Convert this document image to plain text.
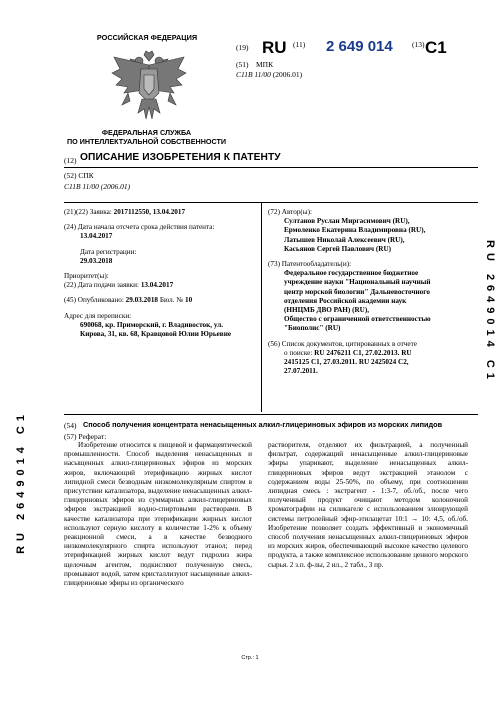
РОССИЙСКАЯ ФЕДЕРАЦИЯ
ФЕДЕРАЛЬНАЯ СЛУЖБА
ПО ИНТЕЛЛЕКТУАЛЬНОЙ СОБСТВЕННОСТИ
(19) RU (11) 2 649 014	(13) C1
(51) МПК
C11B 11/00 (2006.01)
(12) ОПИСАНИЕ ИЗОБРЕТЕНИЯ К ПАТЕНТУ
(52) СПК
C11B 11/00 (2006.01)

(21)(22) Заявка: 2017112550, 13.04.2017

(24) Дата начала отсчета срока действия патента:

13.04.2017

Дата регистрации:

29.03.2018

Приоритет(ы):

(22) Дата подачи заявки: 13.04.2017

(45) Опубликовано: 29.03.2018 Бюл. № 10

Адрес для переписки:

690068, кр. Приморский, г. Владивосток, ул.

Кирова, 31, кв. 68, Кравцовой Юлии Юрьевне

(72) Автор(ы):

Султанов Руслан Миргасимович (RU),

Ермоленко Екатерина Владимировна (RU),

Латышев Николай Алексеевич (RU),

Касьянов Сергей Павлович (RU)

(73) Патентообладатель(и):

Федеральное государственное бюджетное

учреждение науки "Национальный научный

центр морской биологии" Дальневосточного

отделения Российской академии наук

(ННЦМБ ДВО РАН) (RU),

Общество с ограниченной ответственностью

"Биополис" (RU)

(56) Список документов, цитированных в отчете

о поиске: RU 2476211 C1, 27.02.2013. RU

2415125 C1, 27.03.2011. RU 2425024 C2,

27.07.2011.	RU 2649014 C1
RU 2649014 C1	(54) Способ получения концентрата ненасыщенных алкил-глицериновых эфиров из морских липидов
(57) Реферат:
Изобретение относится к пищевой и фармацевтической промышленности. Способ выделения ненасыщенных и насыщенных алкил-глицериновых эфиров из морских жиров, включающий этерификацию жирных кислот липидной смеси безводным низкомолекулярным спиртом в присутствии катализатора, выделение ненасыщенных алкил-глицериновых эфиров из суммарных алкил-глицериновых эфиров экстракцией водно-спиртовыми растворами. В качестве катализатора при этерификации жирных кислот используют серную кислоту в количестве 1-2% к объему реакционной смеси, а в качестве безводного низкомолекулярного спирта используют этанол; перед этерификацией жирных кислот ведут гидролиз жира щелочным агентом, подкисляют полученную смесь, промывают водой, затем кристаллизуют насыщенные алкил-глицериновые эфиры из органического
растворителя, отделяют их фильтрацией, а полученный фильтрат, содержащий ненасыщенные алкил-глицериновые эфиры упаривают, выделение ненасыщенных алкил-глицериновых эфиров ведут экстракцией этанолом с содержанием воды 25-50%, по объему, при соотношении липидная смесь : экстрагент - 1:3-7, об./об., после чего полученный продукт очищают методом колоночной хроматографии на силикагеле с использованием элюирующей системы петролейный эфир-этилацетат 10:1 → 10: 4,5, об./об. Изобретение позволяет создать эффективный и экономичный способ получения ненасыщенных алкил-глицериновых эфиров из морских жиров, обеспечивающий высокое качество целевого продукта, а также комплексное использование ценного морского сырья. 2 з.п. ф-лы, 2 ил., 2 табл., 3 пр.
Стр.: 1
